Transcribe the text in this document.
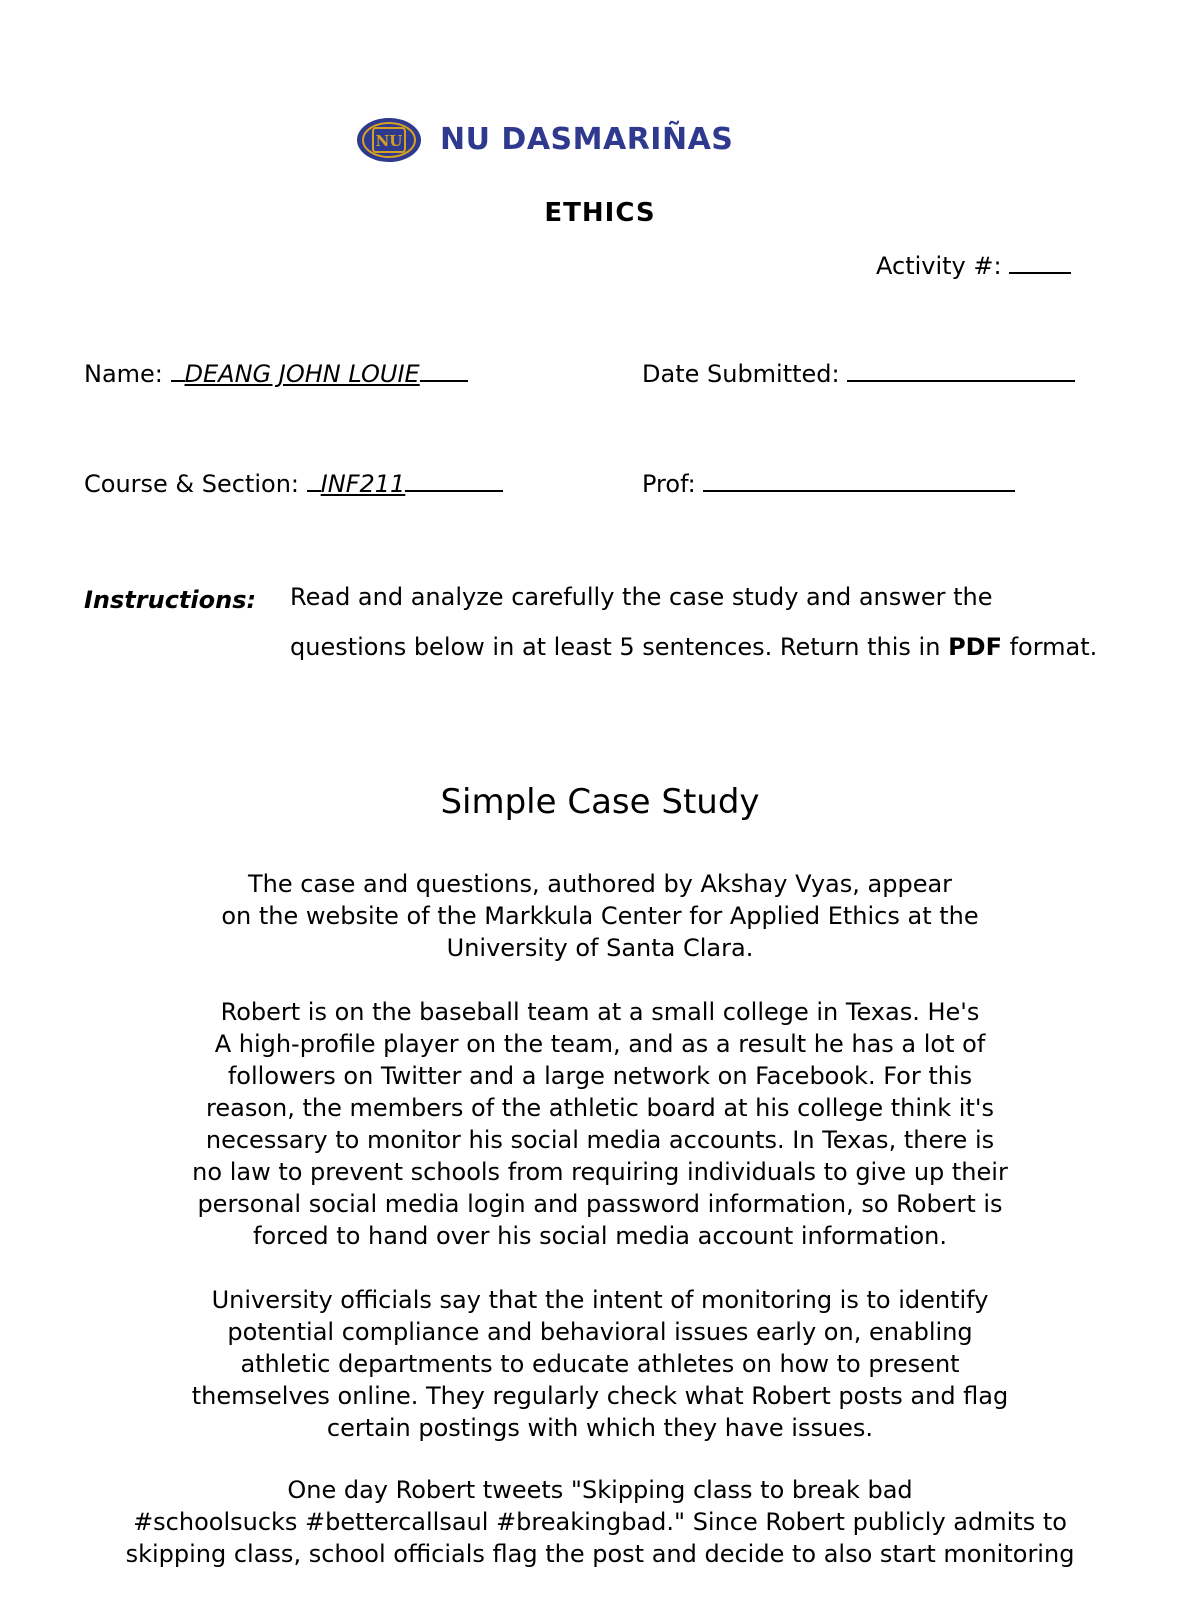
NU NU DASMARIÑAS
ETHICS
Activity #:
Name: DEANG JOHN LOUIE	Date Submitted:
Course & Section: INF211	Prof:
Instructions: Read and analyze carefully the case study and answer the questions below in at least 5 sentences. Return this in PDF format.
Simple Case Study
The case and questions, authored by Akshay Vyas, appear
on the website of the Markkula Center for Applied Ethics at the
University of Santa Clara.
Robert is on the baseball team at a small college in Texas. He's
A high-profile player on the team, and as a result he has a lot of
followers on Twitter and a large network on Facebook. For this
reason, the members of the athletic board at his college think it's
necessary to monitor his social media accounts. In Texas, there is
no law to prevent schools from requiring individuals to give up their
personal social media login and password information, so Robert is
forced to hand over his social media account information.
University officials say that the intent of monitoring is to identify
potential compliance and behavioral issues early on, enabling
athletic departments to educate athletes on how to present
themselves online. They regularly check what Robert posts and flag
certain postings with which they have issues.
One day Robert tweets "Skipping class to break bad
#schoolsucks #bettercallsaul #breakingbad." Since Robert publicly admits to
skipping class, school officials flag the post and decide to also start monitoring
